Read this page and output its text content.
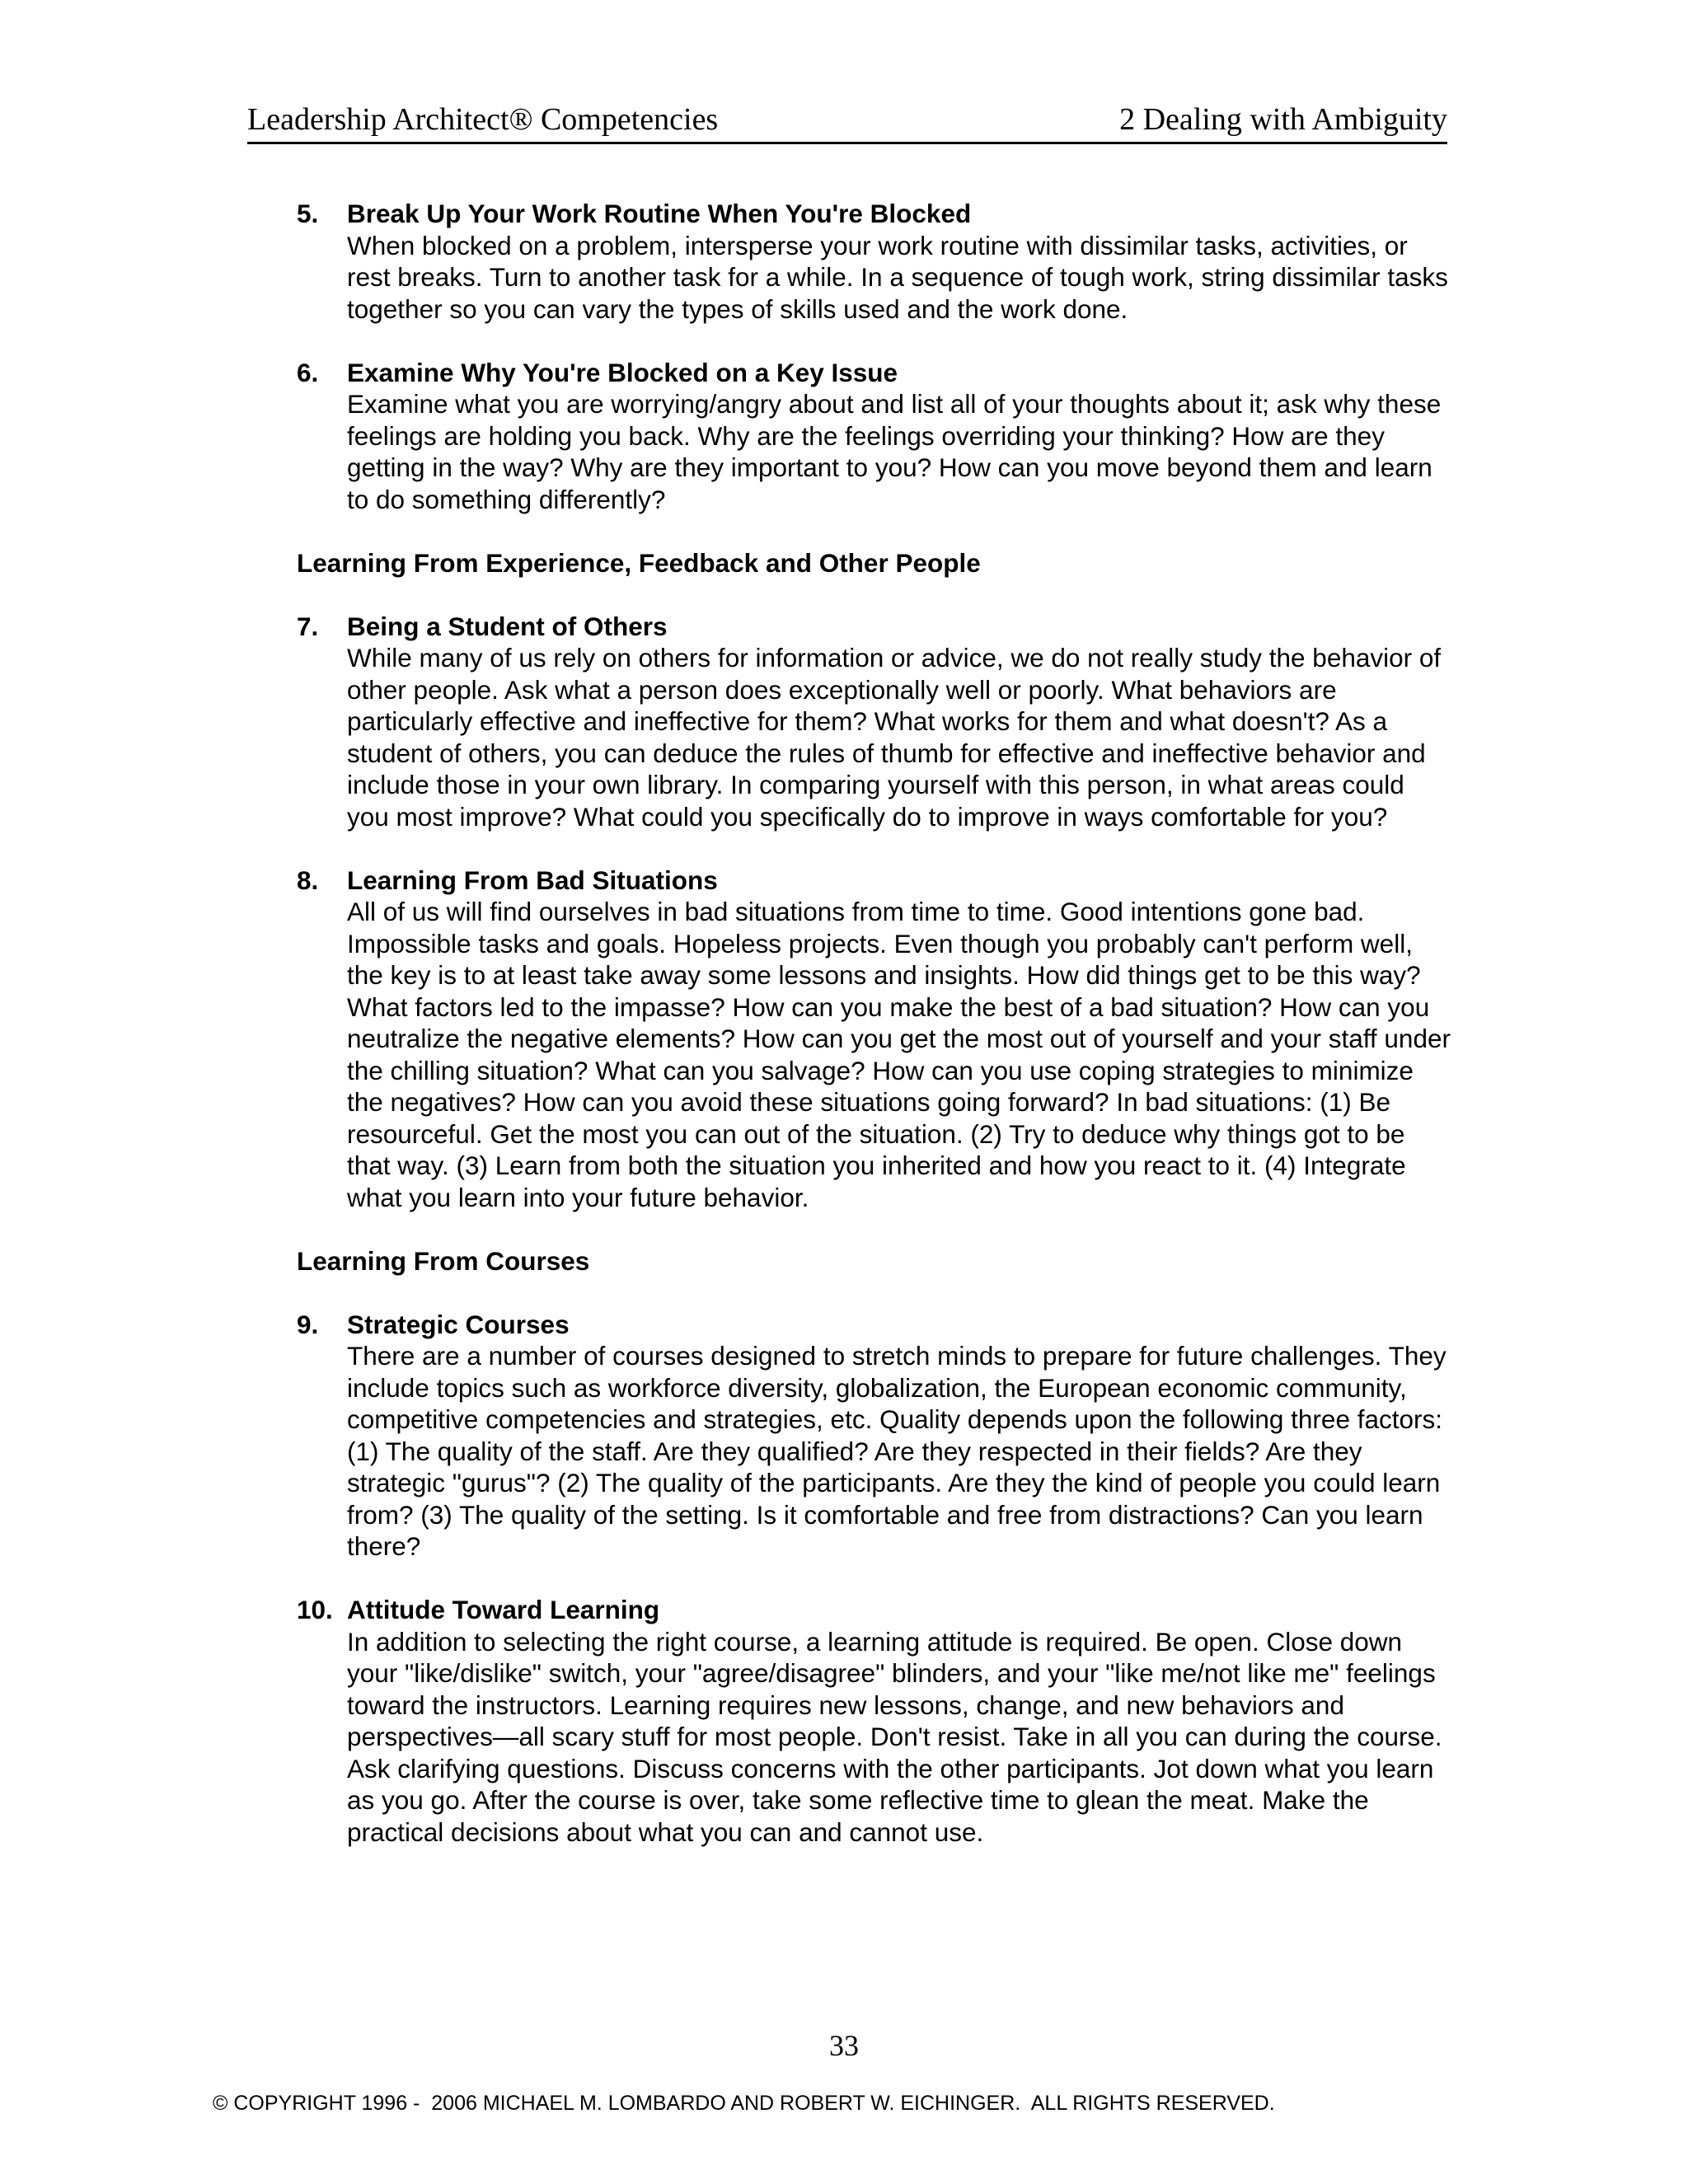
Leadership Architect® Competencies	2 Dealing with Ambiguity
5. Break Up Your Work Routine When You're Blocked
When blocked on a problem, intersperse your work routine with dissimilar tasks, activities, or rest breaks. Turn to another task for a while. In a sequence of tough work, string dissimilar tasks together so you can vary the types of skills used and the work done.
6. Examine Why You're Blocked on a Key Issue
Examine what you are worrying/angry about and list all of your thoughts about it; ask why these feelings are holding you back. Why are the feelings overriding your thinking? How are they getting in the way? Why are they important to you? How can you move beyond them and learn to do something differently?
Learning From Experience, Feedback and Other People
7. Being a Student of Others
While many of us rely on others for information or advice, we do not really study the behavior of other people. Ask what a person does exceptionally well or poorly. What behaviors are particularly effective and ineffective for them? What works for them and what doesn't? As a student of others, you can deduce the rules of thumb for effective and ineffective behavior and include those in your own library. In comparing yourself with this person, in what areas could you most improve? What could you specifically do to improve in ways comfortable for you?
8. Learning From Bad Situations
All of us will find ourselves in bad situations from time to time. Good intentions gone bad. Impossible tasks and goals. Hopeless projects. Even though you probably can't perform well, the key is to at least take away some lessons and insights. How did things get to be this way? What factors led to the impasse? How can you make the best of a bad situation? How can you neutralize the negative elements? How can you get the most out of yourself and your staff under the chilling situation? What can you salvage? How can you use coping strategies to minimize the negatives? How can you avoid these situations going forward? In bad situations: (1) Be resourceful. Get the most you can out of the situation. (2) Try to deduce why things got to be that way. (3) Learn from both the situation you inherited and how you react to it. (4) Integrate what you learn into your future behavior.
Learning From Courses
9. Strategic Courses
There are a number of courses designed to stretch minds to prepare for future challenges. They include topics such as workforce diversity, globalization, the European economic community, competitive competencies and strategies, etc. Quality depends upon the following three factors: (1) The quality of the staff. Are they qualified? Are they respected in their fields? Are they strategic "gurus"? (2) The quality of the participants. Are they the kind of people you could learn from? (3) The quality of the setting. Is it comfortable and free from distractions? Can you learn there?
10. Attitude Toward Learning
In addition to selecting the right course, a learning attitude is required. Be open. Close down your "like/dislike" switch, your "agree/disagree" blinders, and your "like me/not like me" feelings toward the instructors. Learning requires new lessons, change, and new behaviors and perspectives—all scary stuff for most people. Don't resist. Take in all you can during the course. Ask clarifying questions. Discuss concerns with the other participants. Jot down what you learn as you go. After the course is over, take some reflective time to glean the meat. Make the practical decisions about what you can and cannot use.
33
© COPYRIGHT 1996 -  2006 MICHAEL M. LOMBARDO AND ROBERT W. EICHINGER.  ALL RIGHTS RESERVED.
